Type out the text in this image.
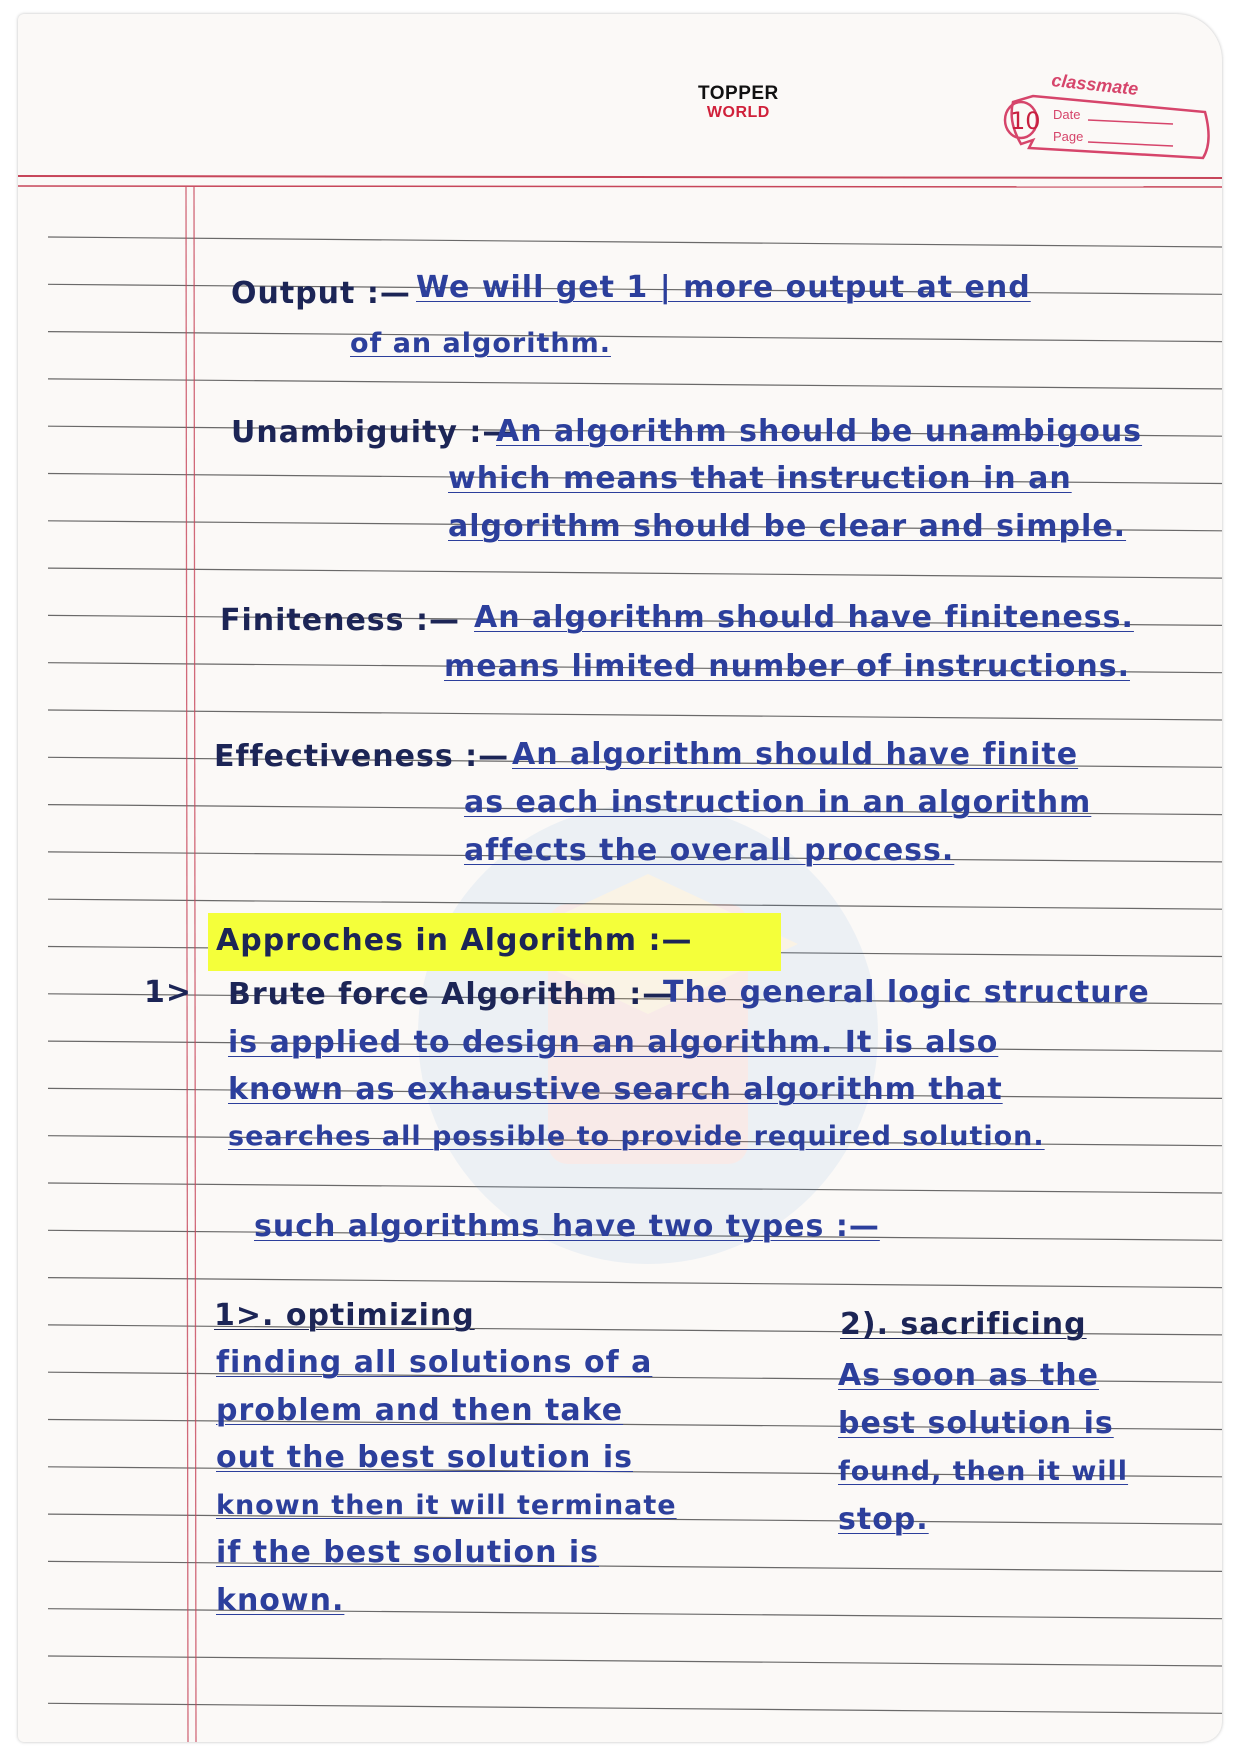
TOPPER
WORLD
classmate
10 Date
Page

Output :— We will get 1 | more output at end

of an algorithm.

Unambiguity :—

An algorithm should be unambigous

which means that instruction in an

algorithm should be clear and simple.

Finiteness :— An algorithm should have finiteness.

means limited number of instructions.

Effectiveness :— An algorithm should have finite

as each instruction in an algorithm

affects the overall process.

Approches in Algorithm :—

1> Brute force Algorithm :—

The general logic structure

is applied to design an algorithm. It is also

known as exhaustive search algorithm that

searches all possible to provide required solution.

such algorithms have two types :—

1>. optimizing

finding all solutions of a

problem and then take

out the best solution is

known then it will terminate

if the best solution is

known.

2). sacrificing

As soon as the

best solution is

found, then it will

stop.
